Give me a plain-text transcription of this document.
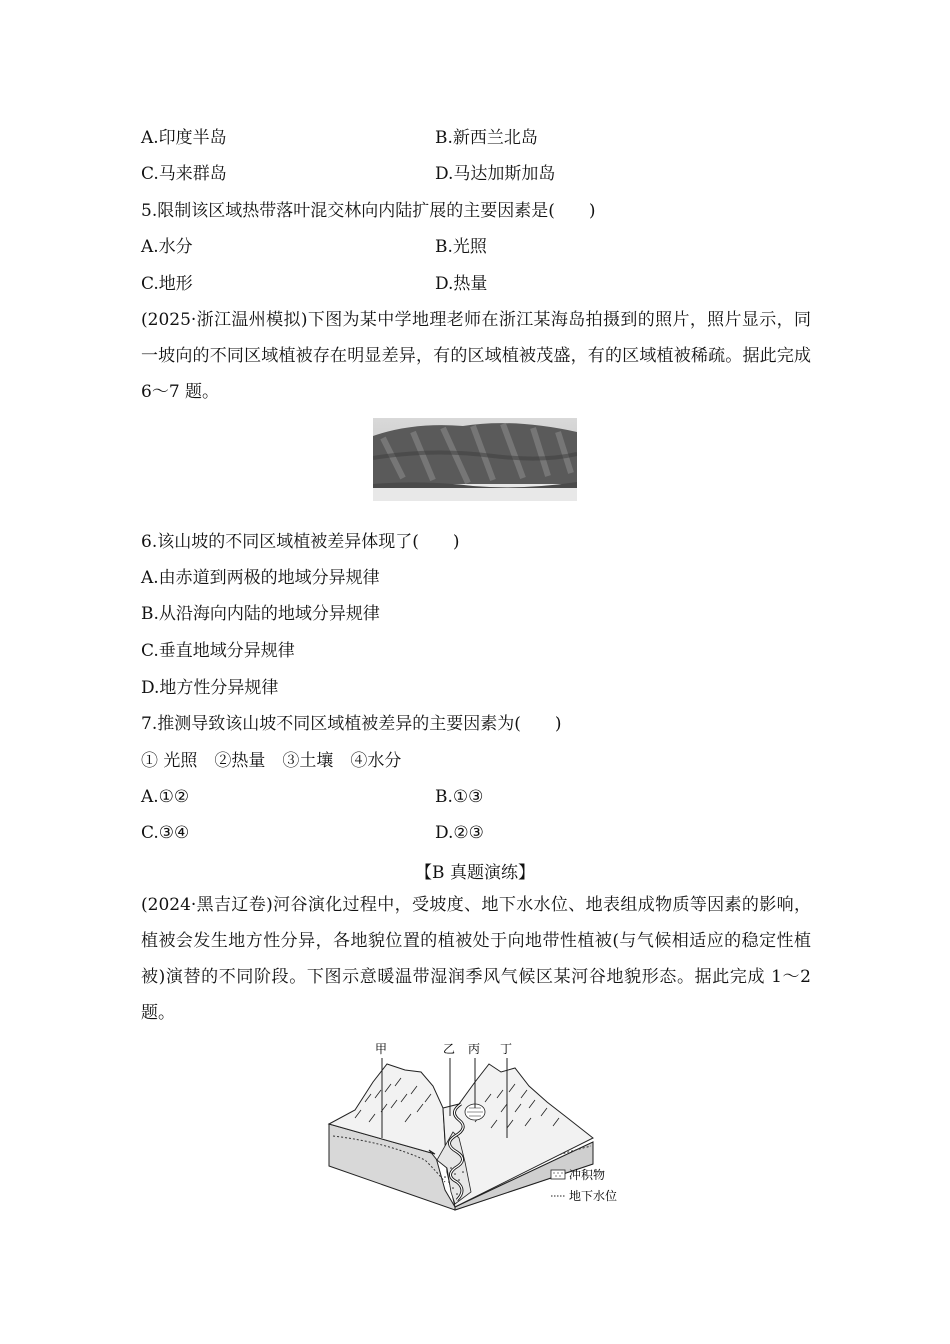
A.印度半岛	B.新西兰北岛
C.马来群岛	D.马达加斯加岛
5.限制该区域热带落叶混交林向内陆扩展的主要因素是(　　)
A.水分	B.光照
C.地形	D.热量
(2025·浙江温州模拟)下图为某中学地理老师在浙江某海岛拍摄到的照片，照片显示，同一坡向的不同区域植被存在明显差异，有的区域植被茂盛，有的区域植被稀疏。据此完成 6～7 题。
6.该山坡的不同区域植被差异体现了(　　)
A.由赤道到两极的地域分异规律
B.从沿海向内陆的地域分异规律
C.垂直地域分异规律
D.地方性分异规律
7.推测导致该山坡不同区域植被差异的主要因素为(　　)
① 光照　②热量　③土壤　④水分
A.①②	B.①③
C.③④	D.②③
【B 真题演练】
(2024·黑吉辽卷)河谷演化过程中，受坡度、地下水水位、地表组成物质等因素的影响，植被会发生地方性分异，各地貌位置的植被处于向地带性植被(与气候相适应的稳定性植被)演替的不同阶段。下图示意暖温带湿润季风气候区某河谷地貌形态。据此完成 1～2 题。
甲	乙 丙 丁
冲积物
地下水位
